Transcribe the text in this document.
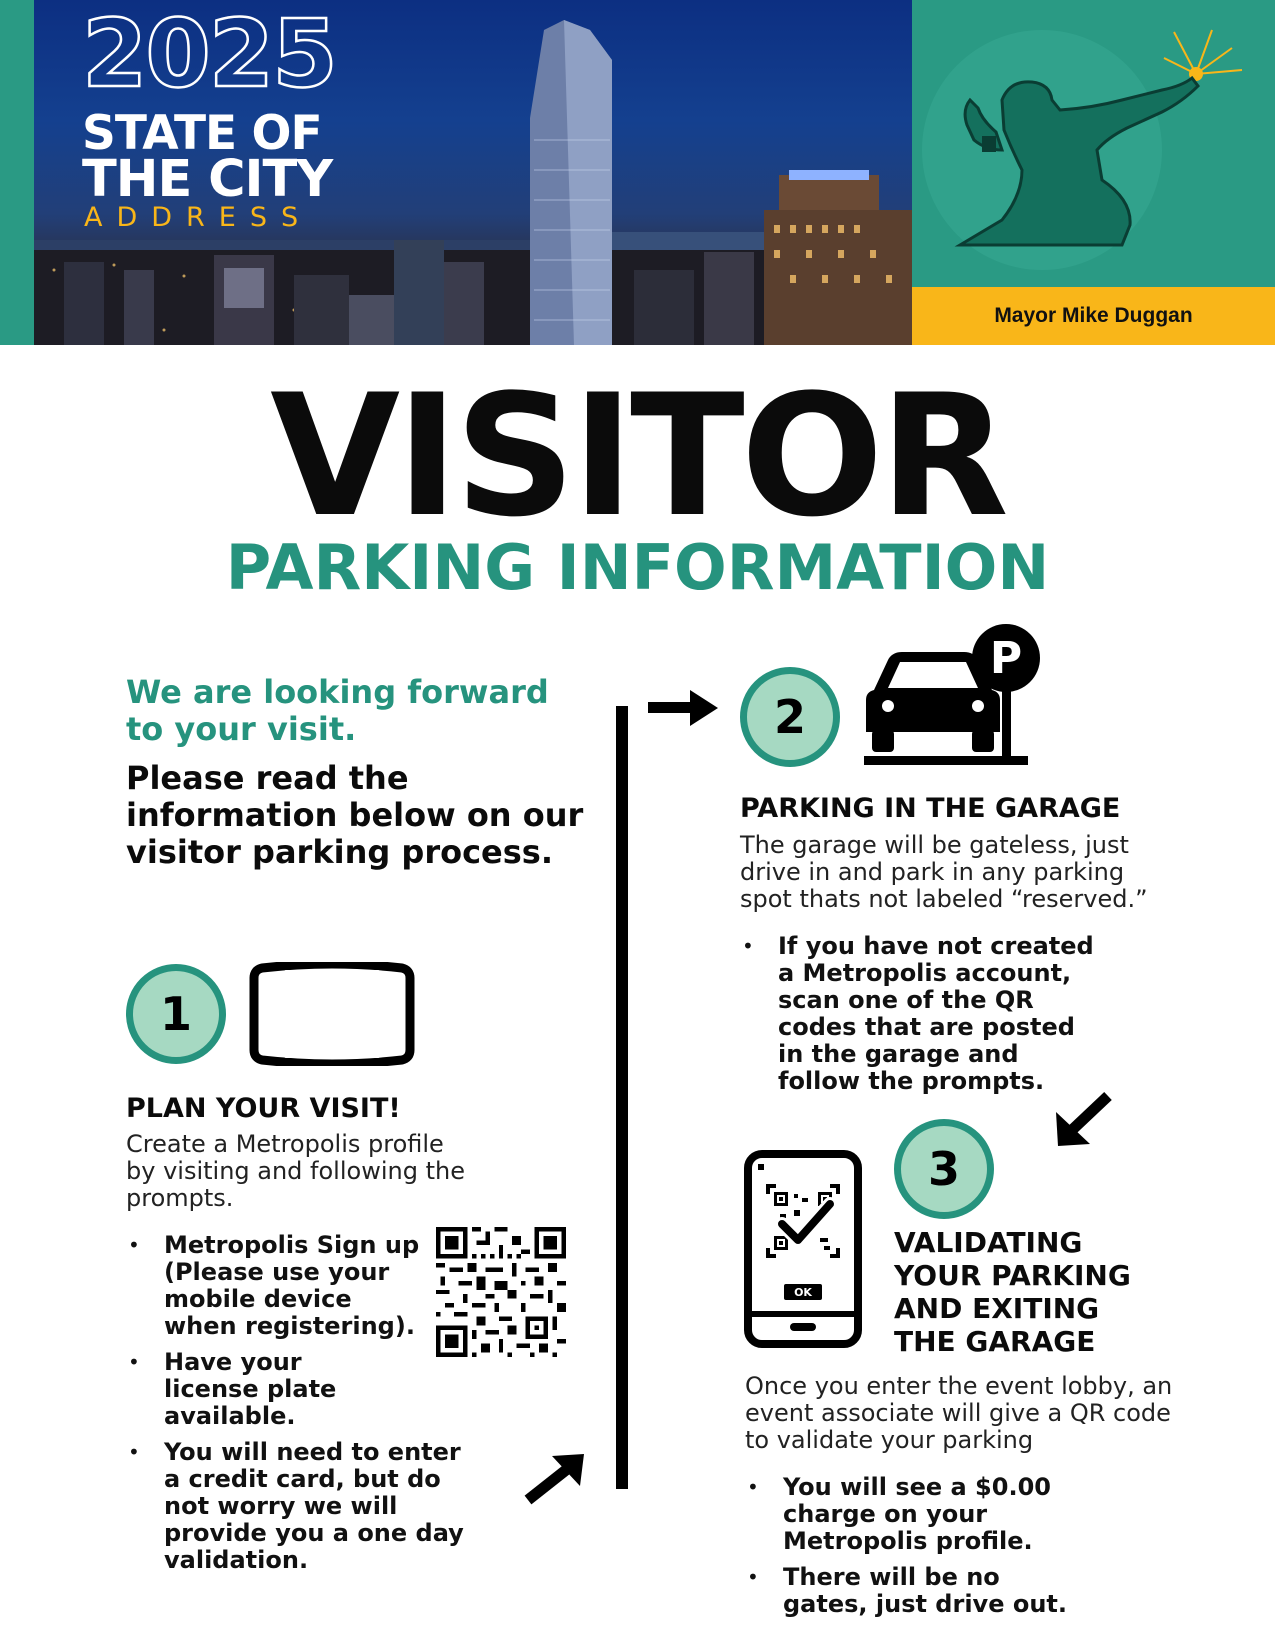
Mayor Mike Duggan
2025
STATE OF
THE CITY
ADDRESS
VISITOR
PARKING INFORMATION
We are looking forward to your visit.
Please read the information below on our visitor parking process.
1
PLAN YOUR VISIT!
Create a Metropolis profile by visiting and following the prompts.
• Metropolis Sign up (Please use your mobile device when registering).
• Have your license plate available.
• You will need to enter a credit card, but do not worry we will provide you a one day validation.
2
P
PARKING IN THE GARAGE
The garage will be gateless, just drive in and park in any parking spot thats not labeled “reserved.”
• If you have not created a Metropolis account, scan one of the QR codes that are posted in the garage and follow the prompts.
3
OK
VALIDATING YOUR PARKING AND EXITING THE GARAGE
Once you enter the event lobby, an event associate will give a QR code to validate your parking
• You will see a $0.00 charge on your Metropolis profile.
• There will be no gates, just drive out.
